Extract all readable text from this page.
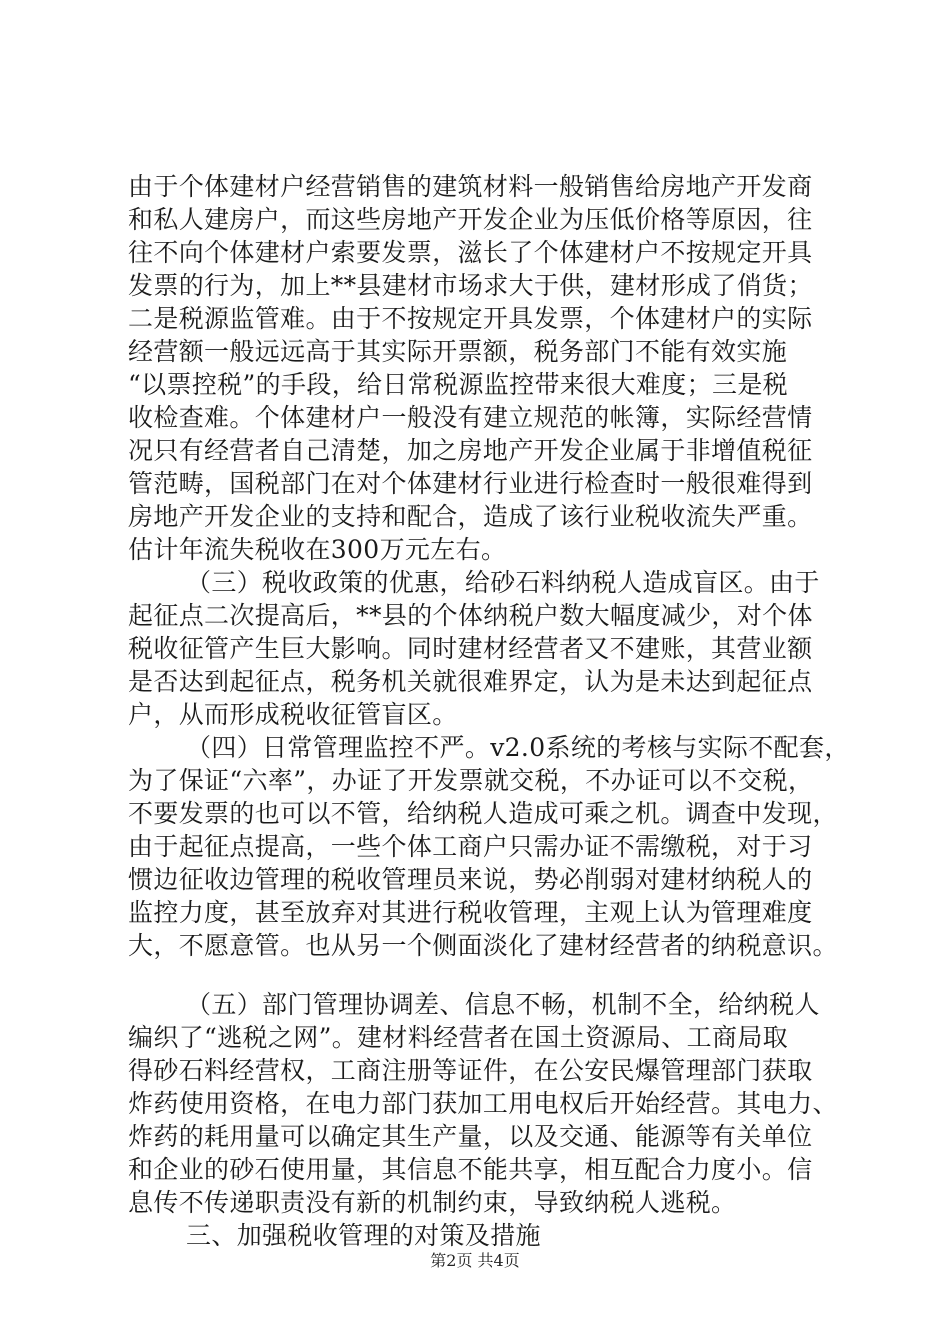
由于个体建材户经营销售的建筑材料一般销售给房地产开发商
和私人建房户，而这些房地产开发企业为压低价格等原因，往
往不向个体建材户索要发票，滋长了个体建材户不按规定开具
发票的行为，加上**县建材市场求大于供，建材形成了俏货；
二是税源监管难。由于不按规定开具发票，个体建材户的实际
经营额一般远远高于其实际开票额，税务部门不能有效实施
“以票控税”的手段，给日常税源监控带来很大难度；三是税
收检查难。个体建材户一般没有建立规范的帐簿，实际经营情
况只有经营者自己清楚，加之房地产开发企业属于非增值税征
管范畴，国税部门在对个体建材行业进行检查时一般很难得到
房地产开发企业的支持和配合，造成了该行业税收流失严重。
估计年流失税收在300万元左右。
（三）税收政策的优惠，给砂石料纳税人造成盲区。由于
起征点二次提高后，**县的个体纳税户数大幅度减少，对个体
税收征管产生巨大影响。同时建材经营者又不建账，其营业额
是否达到起征点，税务机关就很难界定，认为是未达到起征点
户，从而形成税收征管盲区。
（四）日常管理监控不严。v2.0系统的考核与实际不配套，
为了保证“六率”，办证了开发票就交税，不办证可以不交税，
不要发票的也可以不管，给纳税人造成可乘之机。调查中发现，
由于起征点提高，一些个体工商户只需办证不需缴税，对于习
惯边征收边管理的税收管理员来说，势必削弱对建材纳税人的
监控力度，甚至放弃对其进行税收管理，主观上认为管理难度
大，不愿意管。也从另一个侧面淡化了建材经营者的纳税意识。
（五）部门管理协调差、信息不畅，机制不全，给纳税人
编织了“逃税之网”。建材料经营者在国土资源局、工商局取
得砂石料经营权，工商注册等证件，在公安民爆管理部门获取
炸药使用资格，在电力部门获加工用电权后开始经营。其电力、
炸药的耗用量可以确定其生产量，以及交通、能源等有关单位
和企业的砂石使用量，其信息不能共享，相互配合力度小。信
息传不传递职责没有新的机制约束，导致纳税人逃税。
三、加强税收管理的对策及措施
第2页 共4页
